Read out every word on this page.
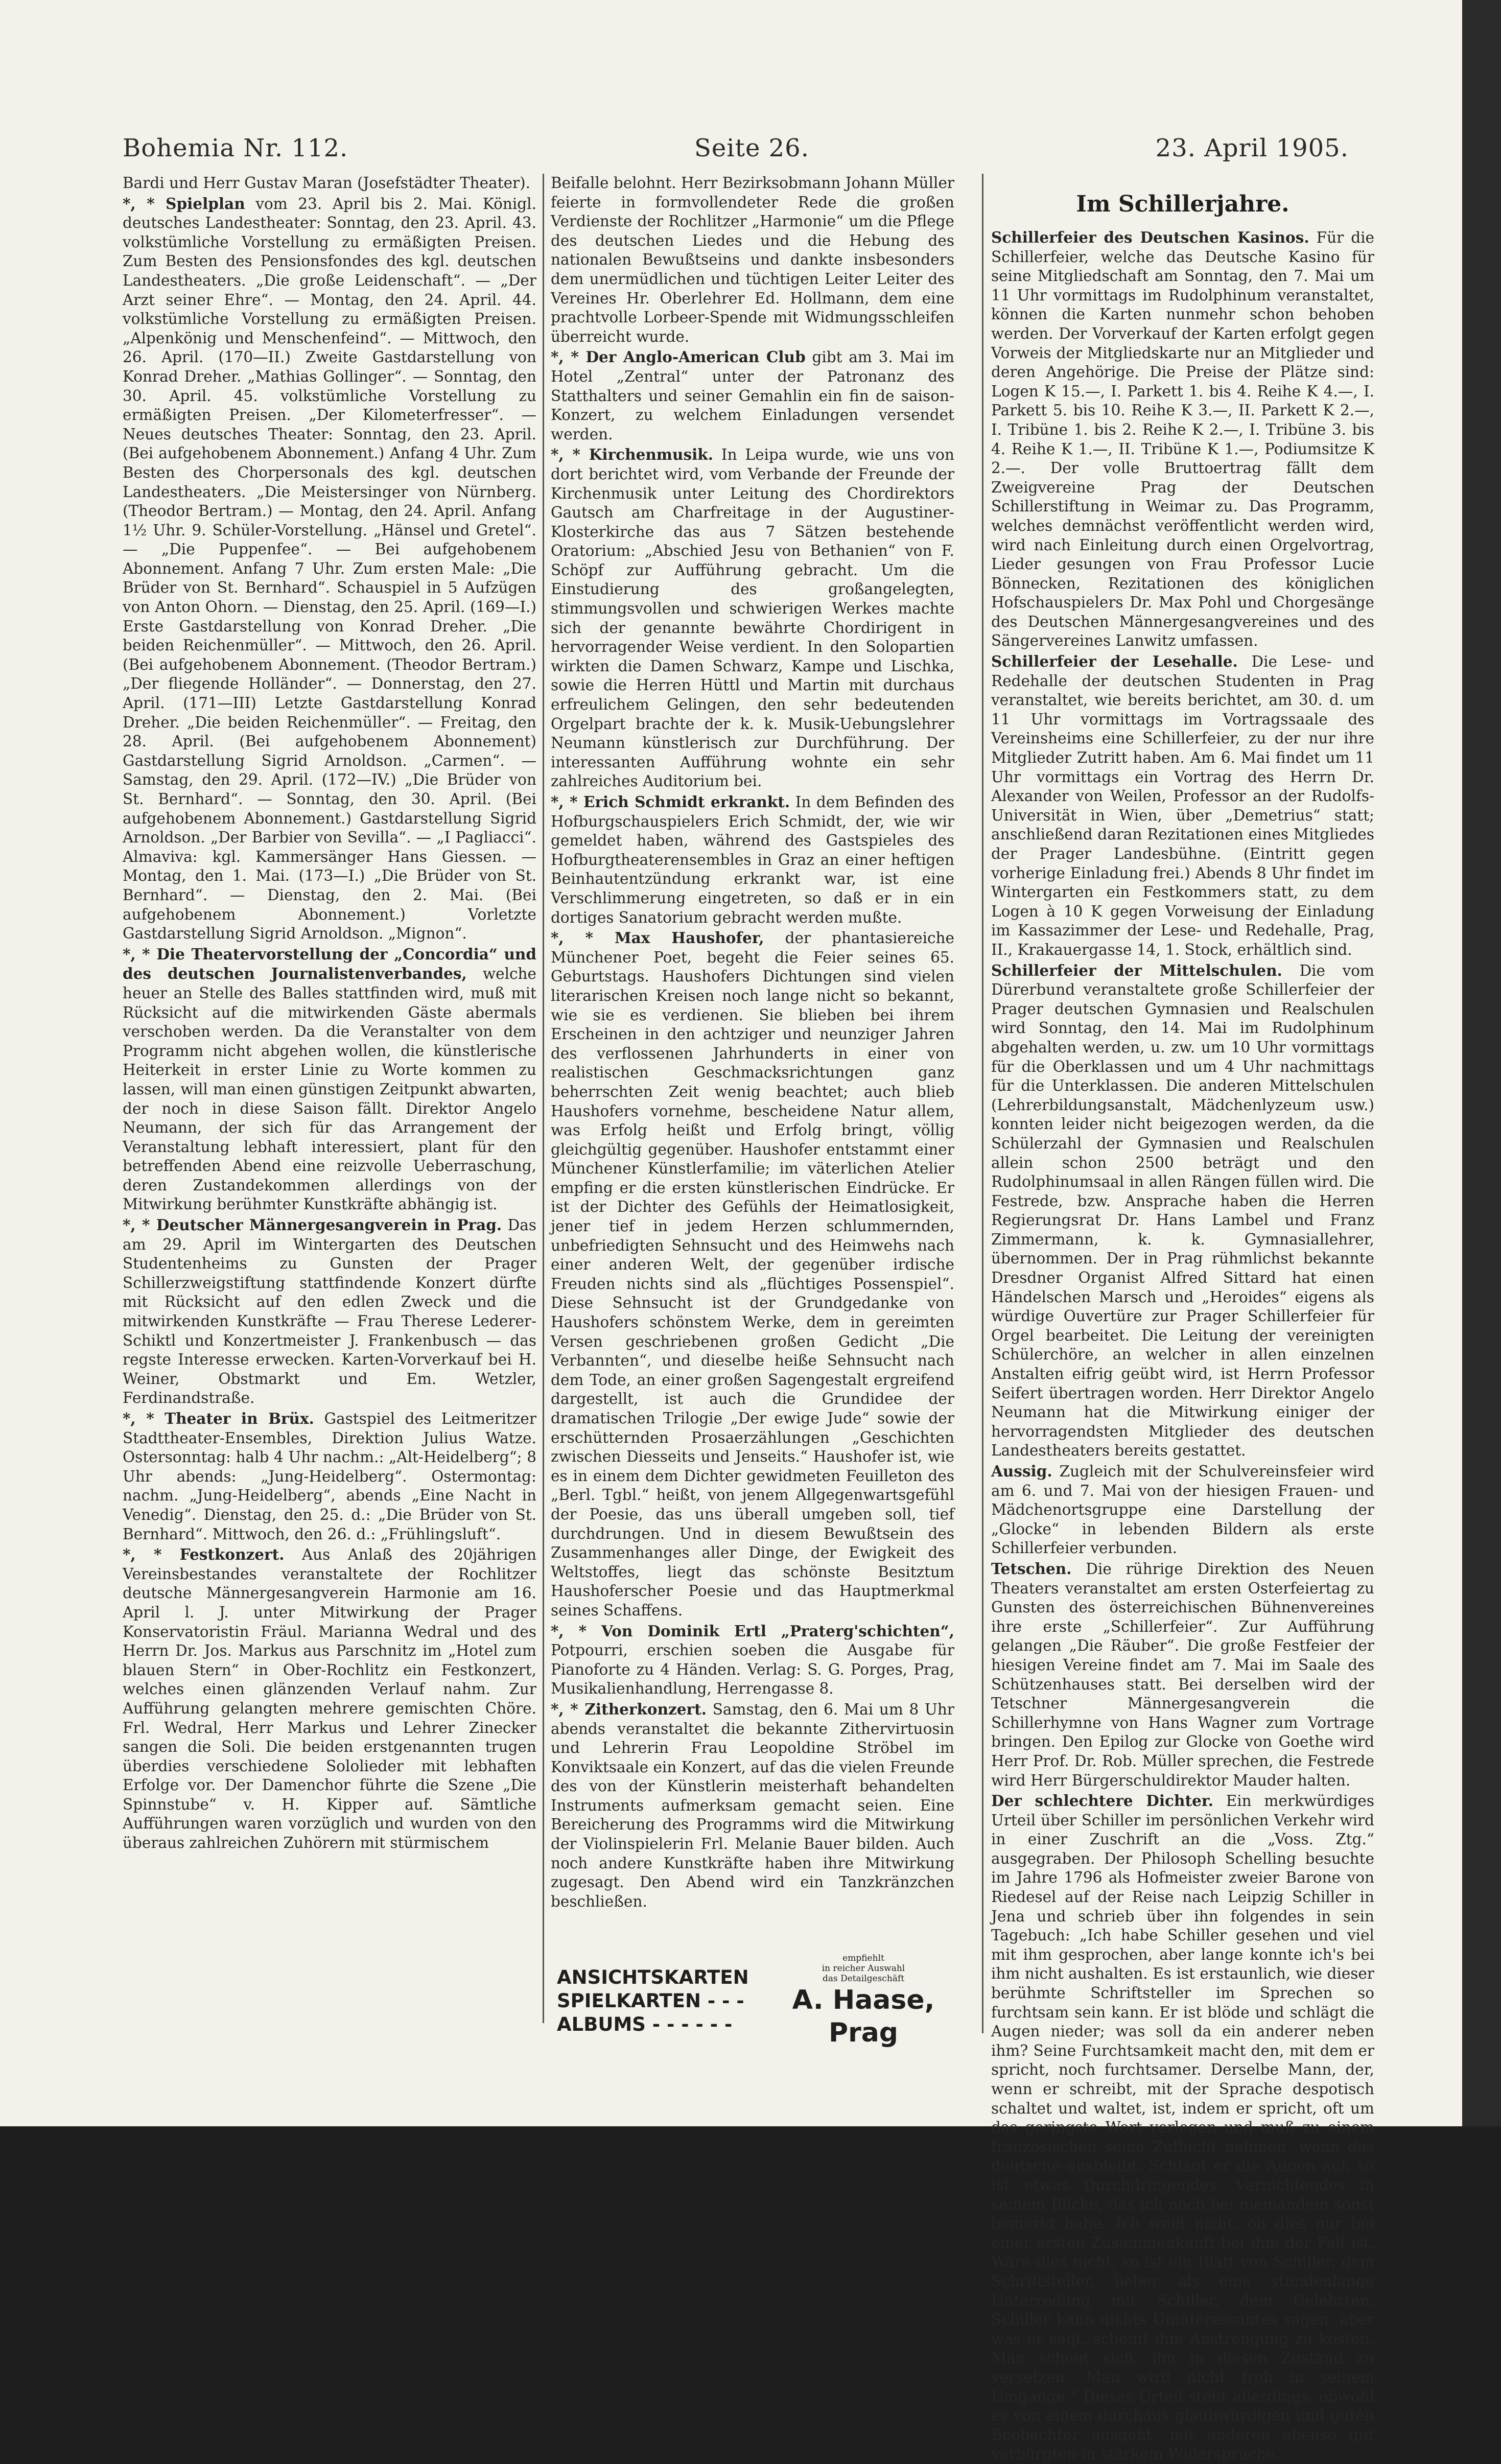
Bohemia Nr. 112.	Seite 26.	23. April 1905.

Bardi und Herr Gustav Maran (Josefstädter Theater).

*, * Spielplan vom 23. April bis 2. Mai. Königl. deutsches Landestheater: Sonntag, den 23. April. 43. volkstümliche Vorstellung zu ermäßigten Preisen. Zum Besten des Pensionsfondes des kgl. deutschen Landestheaters. „Die große Leidenschaft“. — „Der Arzt seiner Ehre“. — Montag, den 24. April. 44. volkstümliche Vorstellung zu ermäßigten Preisen. „Alpenkönig und Menschenfeind“. — Mittwoch, den 26. April. (170—II.) Zweite Gastdarstellung von Konrad Dreher. „Mathias Gollinger“. — Sonntag, den 30. April. 45. volkstümliche Vorstellung zu ermäßigten Preisen. „Der Kilometerfresser“. — Neues deutsches Theater: Sonntag, den 23. April. (Bei aufgehobenem Abonnement.) Anfang 4 Uhr. Zum Besten des Chorpersonals des kgl. deutschen Landestheaters. „Die Meistersinger von Nürnberg. (Theodor Bertram.) — Montag, den 24. April. Anfang 1½ Uhr. 9. Schüler-Vorstellung. „Hänsel und Gretel“. — „Die Puppenfee“. — Bei aufgehobenem Abonnement. Anfang 7 Uhr. Zum ersten Male: „Die Brüder von St. Bernhard“. Schauspiel in 5 Aufzügen von Anton Ohorn. — Dienstag, den 25. April. (169—I.) Erste Gastdarstellung von Konrad Dreher. „Die beiden Reichenmüller“. — Mittwoch, den 26. April. (Bei aufgehobenem Abonnement. (Theodor Bertram.) „Der fliegende Holländer“. — Donnerstag, den 27. April. (171—III) Letzte Gastdarstellung Konrad Dreher. „Die beiden Reichenmüller“. — Freitag, den 28. April. (Bei aufgehobenem Abonnement) Gastdarstellung Sigrid Arnoldson. „Carmen“. — Samstag, den 29. April. (172—IV.) „Die Brüder von St. Bernhard“. — Sonntag, den 30. April. (Bei aufgehobenem Abonnement.) Gastdarstellung Sigrid Arnoldson. „Der Barbier von Sevilla“. — „I Pagliacci“. Almaviva: kgl. Kammersänger Hans Giessen. — Montag, den 1. Mai. (173—I.) „Die Brüder von St. Bernhard“. — Dienstag, den 2. Mai. (Bei aufgehobenem Abonnement.) Vorletzte Gastdarstellung Sigrid Arnoldson. „Mignon“.

*, * Die Theatervorstellung der „Concordia“ und des deutschen Journalistenverbandes, welche heuer an Stelle des Balles stattfinden wird, muß mit Rücksicht auf die mitwirkenden Gäste abermals verschoben werden. Da die Veranstalter von dem Programm nicht abgehen wollen, die künstlerische Heiterkeit in erster Linie zu Worte kommen zu lassen, will man einen günstigen Zeitpunkt abwarten, der noch in diese Saison fällt. Direktor Angelo Neumann, der sich für das Arrangement der Veranstaltung lebhaft interessiert, plant für den betreffenden Abend eine reizvolle Ueberraschung, deren Zustandekommen allerdings von der Mitwirkung berühmter Kunstkräfte abhängig ist.

*, * Deutscher Männergesangverein in Prag. Das am 29. April im Wintergarten des Deutschen Studentenheims zu Gunsten der Prager Schillerzweigstiftung stattfindende Konzert dürfte mit Rücksicht auf den edlen Zweck und die mitwirkenden Kunstkräfte — Frau Therese Lederer-Schiktl und Konzertmeister J. Frankenbusch — das regste Interesse erwecken. Karten-Vorverkauf bei H. Weiner, Obstmarkt und Em. Wetzler, Ferdinandstraße.

*, * Theater in Brüx. Gastspiel des Leitmeritzer Stadttheater-Ensembles, Direktion Julius Watze. Ostersonntag: halb 4 Uhr nachm.: „Alt-Heidelberg“; 8 Uhr abends: „Jung-Heidelberg“. Ostermontag: nachm. „Jung-Heidelberg“, abends „Eine Nacht in Venedig“. Dienstag, den 25. d.: „Die Brüder von St. Bernhard“. Mittwoch, den 26. d.: „Frühlingsluft“.

*, * Festkonzert. Aus Anlaß des 20jährigen Vereinsbestandes veranstaltete der Rochlitzer deutsche Männergesangverein Harmonie am 16. April l. J. unter Mitwirkung der Prager Konservatoristin Fräul. Marianna Wedral und des Herrn Dr. Jos. Markus aus Parschnitz im „Hotel zum blauen Stern“ in Ober-Rochlitz ein Festkonzert, welches einen glänzenden Verlauf nahm. Zur Aufführung gelangten mehrere gemischten Chöre. Frl. Wedral, Herr Markus und Lehrer Zinecker sangen die Soli. Die beiden erstgenannten trugen überdies verschiedene Sololieder mit lebhaften Erfolge vor. Der Damenchor führte die Szene „Die Spinnstube“ v. H. Kipper auf. Sämtliche Aufführungen waren vorzüglich und wurden von den überaus zahlreichen Zuhörern mit stürmischem

Beifalle belohnt. Herr Bezirksobmann Johann Müller feierte in formvollendeter Rede die großen Verdienste der Rochlitzer „Harmonie“ um die Pflege des deutschen Liedes und die Hebung des nationalen Bewußtseins und dankte insbesonders dem unermüdlichen und tüchtigen Leiter Leiter des Vereines Hr. Oberlehrer Ed. Hollmann, dem eine prachtvolle Lorbeer-Spende mit Widmungsschleifen überreicht wurde.

*, * Der Anglo-American Club gibt am 3. Mai im Hotel „Zentral“ unter der Patronanz des Statthalters und seiner Gemahlin ein fin de saison-Konzert, zu welchem Einladungen versendet werden.

*, * Kirchenmusik. In Leipa wurde, wie uns von dort berichtet wird, vom Verbande der Freunde der Kirchenmusik unter Leitung des Chordirektors Gautsch am Charfreitage in der Augustiner-Klosterkirche das aus 7 Sätzen bestehende Oratorium: „Abschied Jesu von Bethanien“ von F. Schöpf zur Aufführung gebracht. Um die Einstudierung des großangelegten, stimmungsvollen und schwierigen Werkes machte sich der genannte bewährte Chordirigent in hervorragender Weise verdient. In den Solopartien wirkten die Damen Schwarz, Kampe und Lischka, sowie die Herren Hüttl und Martin mit durchaus erfreulichem Gelingen, den sehr bedeutenden Orgelpart brachte der k. k. Musik-Uebungslehrer Neumann künstlerisch zur Durchführung. Der interessanten Aufführung wohnte ein sehr zahlreiches Auditorium bei.

*, * Erich Schmidt erkrankt. In dem Befinden des Hofburgschauspielers Erich Schmidt, der, wie wir gemeldet haben, während des Gastspieles des Hofburgtheaterensembles in Graz an einer heftigen Beinhautentzündung erkrankt war, ist eine Verschlimmerung eingetreten, so daß er in ein dortiges Sanatorium gebracht werden mußte.

*, * Max Haushofer, der phantasiereiche Münchener Poet, begeht die Feier seines 65. Geburtstags. Haushofers Dichtungen sind vielen literarischen Kreisen noch lange nicht so bekannt, wie sie es verdienen. Sie blieben bei ihrem Erscheinen in den achtziger und neunziger Jahren des verflossenen Jahrhunderts in einer von realistischen Geschmacksrichtungen ganz beherrschten Zeit wenig beachtet; auch blieb Haushofers vornehme, bescheidene Natur allem, was Erfolg heißt und Erfolg bringt, völlig gleichgültig gegenüber. Haushofer entstammt einer Münchener Künstlerfamilie; im väterlichen Atelier empfing er die ersten künstlerischen Eindrücke. Er ist der Dichter des Gefühls der Heimatlosigkeit, jener tief in jedem Herzen schlummernden, unbefriedigten Sehnsucht und des Heimwehs nach einer anderen Welt, der gegenüber irdische Freuden nichts sind als „flüchtiges Possenspiel“. Diese Sehnsucht ist der Grundgedanke von Haushofers schönstem Werke, dem in gereimten Versen geschriebenen großen Gedicht „Die Verbannten“, und dieselbe heiße Sehnsucht nach dem Tode, an einer großen Sagengestalt ergreifend dargestellt, ist auch die Grundidee der dramatischen Trilogie „Der ewige Jude“ sowie der erschütternden Prosaerzählungen „Geschichten zwischen Diesseits und Jenseits.“ Haushofer ist, wie es in einem dem Dichter gewidmeten Feuilleton des „Berl. Tgbl.“ heißt, von jenem Allgegenwartsgefühl der Poesie, das uns überall umgeben soll, tief durchdrungen. Und in diesem Bewußtsein des Zusammenhanges aller Dinge, der Ewigkeit des Weltstoffes, liegt das schönste Besitztum Haushoferscher Poesie und das Hauptmerkmal seines Schaffens.

*, * Von Dominik Ertl „Praterg'schichten“, Potpourri, erschien soeben die Ausgabe für Pianoforte zu 4 Händen. Verlag: S. G. Porges, Prag, Musikalienhandlung, Herrengasse 8.

*, * Zitherkonzert. Samstag, den 6. Mai um 8 Uhr abends veranstaltet die bekannte Zithervirtuosin und Lehrerin Frau Leopoldine Ströbel im Konviktsaale ein Konzert, auf das die vielen Freunde des von der Künstlerin meisterhaft behandelten Instruments aufmerksam gemacht seien. Eine Bereicherung des Programms wird die Mitwirkung der Violinspielerin Frl. Melanie Bauer bilden. Auch noch andere Kunstkräfte haben ihre Mitwirkung zugesagt. Den Abend wird ein Tanzkränzchen beschließen.

Im Schillerjahre.

Schillerfeier des Deutschen Kasinos. Für die Schillerfeier, welche das Deutsche Kasino für seine Mitgliedschaft am Sonntag, den 7. Mai um 11 Uhr vormittags im Rudolphinum veranstaltet, können die Karten nunmehr schon behoben werden. Der Vorverkauf der Karten erfolgt gegen Vorweis der Mitgliedskarte nur an Mitglieder und deren Angehörige. Die Preise der Plätze sind: Logen K 15.—, I. Parkett 1. bis 4. Reihe K 4.—, I. Parkett 5. bis 10. Reihe K 3.—, II. Parkett K 2.—, I. Tribüne 1. bis 2. Reihe K 2.—, I. Tribüne 3. bis 4. Reihe K 1.—, II. Tribüne K 1.—, Podiumsitze K 2.—. Der volle Bruttoertrag fällt dem Zweigvereine Prag der Deutschen Schillerstiftung in Weimar zu. Das Programm, welches demnächst veröffentlicht werden wird, wird nach Einleitung durch einen Orgelvortrag, Lieder gesungen von Frau Professor Lucie Bönnecken, Rezitationen des königlichen Hofschauspielers Dr. Max Pohl und Chorgesänge des Deutschen Männergesangvereines und des Sängervereines Lanwitz umfassen.

Schillerfeier der Lesehalle. Die Lese- und Redehalle der deutschen Studenten in Prag veranstaltet, wie bereits berichtet, am 30. d. um 11 Uhr vormittags im Vortragssaale des Vereinsheims eine Schillerfeier, zu der nur ihre Mitglieder Zutritt haben. Am 6. Mai findet um 11 Uhr vormittags ein Vortrag des Herrn Dr. Alexander von Weilen, Professor an der Rudolfs-Universität in Wien, über „Demetrius“ statt; anschließend daran Rezitationen eines Mitgliedes der Prager Landesbühne. (Eintritt gegen vorherige Einladung frei.) Abends 8 Uhr findet im Wintergarten ein Festkommers statt, zu dem Logen à 10 K gegen Vorweisung der Einladung im Kassazimmer der Lese- und Redehalle, Prag, II., Krakauergasse 14, 1. Stock, erhältlich sind.

Schillerfeier der Mittelschulen. Die vom Dürerbund veranstaltete große Schillerfeier der Prager deutschen Gymnasien und Realschulen wird Sonntag, den 14. Mai im Rudolphinum abgehalten werden, u. zw. um 10 Uhr vormittags für die Oberklassen und um 4 Uhr nachmittags für die Unterklassen. Die anderen Mittelschulen (Lehrerbildungsanstalt, Mädchenlyzeum usw.) konnten leider nicht beigezogen werden, da die Schülerzahl der Gymnasien und Realschulen allein schon 2500 beträgt und den Rudolphinumsaal in allen Rängen füllen wird. Die Festrede, bzw. Ansprache haben die Herren Regierungsrat Dr. Hans Lambel und Franz Zimmermann, k. k. Gymnasiallehrer, übernommen. Der in Prag rühmlichst bekannte Dresdner Organist Alfred Sittard hat einen Händelschen Marsch und „Heroides“ eigens als würdige Ouvertüre zur Prager Schillerfeier für Orgel bearbeitet. Die Leitung der vereinigten Schülerchöre, an welcher in allen einzelnen Anstalten eifrig geübt wird, ist Herrn Professor Seifert übertragen worden. Herr Direktor Angelo Neumann hat die Mitwirkung einiger der hervorragendsten Mitglieder des deutschen Landestheaters bereits gestattet.

Aussig. Zugleich mit der Schulvereinsfeier wird am 6. und 7. Mai von der hiesigen Frauen- und Mädchenortsgruppe eine Darstellung der „Glocke“ in lebenden Bildern als erste Schillerfeier verbunden.

Tetschen. Die rührige Direktion des Neuen Theaters veranstaltet am ersten Osterfeiertag zu Gunsten des österreichischen Bühnenvereines ihre erste „Schillerfeier“. Zur Aufführung gelangen „Die Räuber“. Die große Festfeier der hiesigen Vereine findet am 7. Mai im Saale des Schützenhauses statt. Bei derselben wird der Tetschner Männergesangverein die Schillerhymne von Hans Wagner zum Vortrage bringen. Den Epilog zur Glocke von Goethe wird Herr Prof. Dr. Rob. Müller sprechen, die Festrede wird Herr Bürgerschuldirektor Mauder halten.

Der schlechtere Dichter. Ein merkwürdiges Urteil über Schiller im persönlichen Verkehr wird in einer Zuschrift an die „Voss. Ztg.“ ausgegraben. Der Philosoph Schelling besuchte im Jahre 1796 als Hofmeister zweier Barone von Riedesel auf der Reise nach Leipzig Schiller in Jena und schrieb über ihn folgendes in sein Tagebuch: „Ich habe Schiller gesehen und viel mit ihm gesprochen, aber lange konnte ich's bei ihm nicht aushalten. Es ist erstaunlich, wie dieser berühmte Schriftsteller im Sprechen so furchtsam sein kann. Er ist blöde und schlägt die Augen nieder; was soll da ein anderer neben ihm? Seine Furchtsamkeit macht den, mit dem er spricht, noch furchtsamer. Derselbe Mann, der, wenn er schreibt, mit der Sprache despotisch schaltet und waltet, ist, indem er spricht, oft um das geringste Wort verlegen und muß zu einem französischen seine Zuflucht nehmen, wenn das deutsche ausbleibt. Schlägt er die Augen auf, so ist etwas Durchdringendes, Vernichtendes in seinem Blicke, das ich noch bei niemandem sonst bemerkt habe. Ich weiß nicht, ob dies nur bei einer ersten Zusammenkunft bei ihm der Fall ist. Wäre dies nicht, so ist ein Blatt von Schiller, dem Schriftsteller, lieber als eine stundenlange Unterredung mit Schiller, dem Gelehrten. Schiller kann nichts Uninteressantes sagen, aber was er sagt, scheint ihm Anstrengung zu kosten. Man scheut sich, ihn in diesen Zustand zu versetzen. Man wird nicht froh in seinem Umgange.“ Dieses Urteil steht allerdings, obwohl es von einem durchaus glaubwürdigen und guten Beobachter ausgeht, mit anderen ebenso gut verbürgten in starkem Widerspruche.

ANSICHTSKARTEN
SPIELKARTEN - - -
ALBUMS - - - - - -
empfiehlt
in reicher Auswahl
das Detailgeschäft
A. Haase, Prag
